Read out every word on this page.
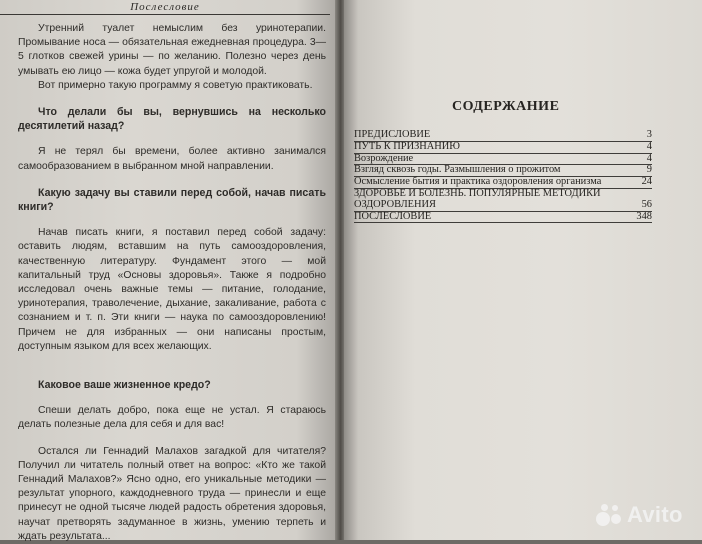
Послесловие

Утренний туалет немыслим без уринотерапии. Промывание носа — обязательная ежедневная процедура. 3—5 глотков свежей урины — по желанию. Полезно через день умывать ею лицо — кожа будет упругой и молодой.

Вот примерно такую программу я советую практиковать.

Что делали бы вы, вернувшись на несколько десятилетий назад?

Я не терял бы времени, более активно занимался самообразованием в выбранном мной направлении.

Какую задачу вы ставили перед собой, начав писать книги?

Начав писать книги, я поставил перед собой задачу: оставить людям, вставшим на путь самооздоровления, качественную литературу. Фундамент этого — мой капитальный труд «Основы здоровья». Также я подробно исследовал очень важные темы — питание, голодание, уринотерапия, траволечение, дыхание, закаливание, работа с сознанием и т. п. Эти книги — наука по самооздоровлению! Причем не для избранных — они написаны простым, доступным языком для всех желающих.

Каковое ваше жизненное кредо?

Спеши делать добро, пока еще не устал. Я стараюсь делать полезные дела для себя и для вас!

Остался ли Геннадий Малахов загадкой для читателя? Получил ли читатель полный ответ на вопрос: «Кто же такой Геннадий Малахов?» Ясно одно, его уникальные методики — результат упорного, каждодневного труда — принесли и еще принесут не одной тысяче людей радость обретения здоровья, научат претворять задуманное в жизнь, умению терпеть и ждать результата...

СОДЕРЖАНИЕ
ПРЕДИСЛОВИЕ	3
ПУТЬ К ПРИЗНАНИЮ	4
Возрождение	4
Взгляд сквозь годы. Размышления о прожитом	9
Осмысление бытия и практика оздоровления организма	24
ЗДОРОВЬЕ И БОЛЕЗНЬ. ПОПУЛЯРНЫЕ МЕТОДИКИ ОЗДОРОВЛЕНИЯ	56
ПОСЛЕСЛОВИЕ	348
Avito
